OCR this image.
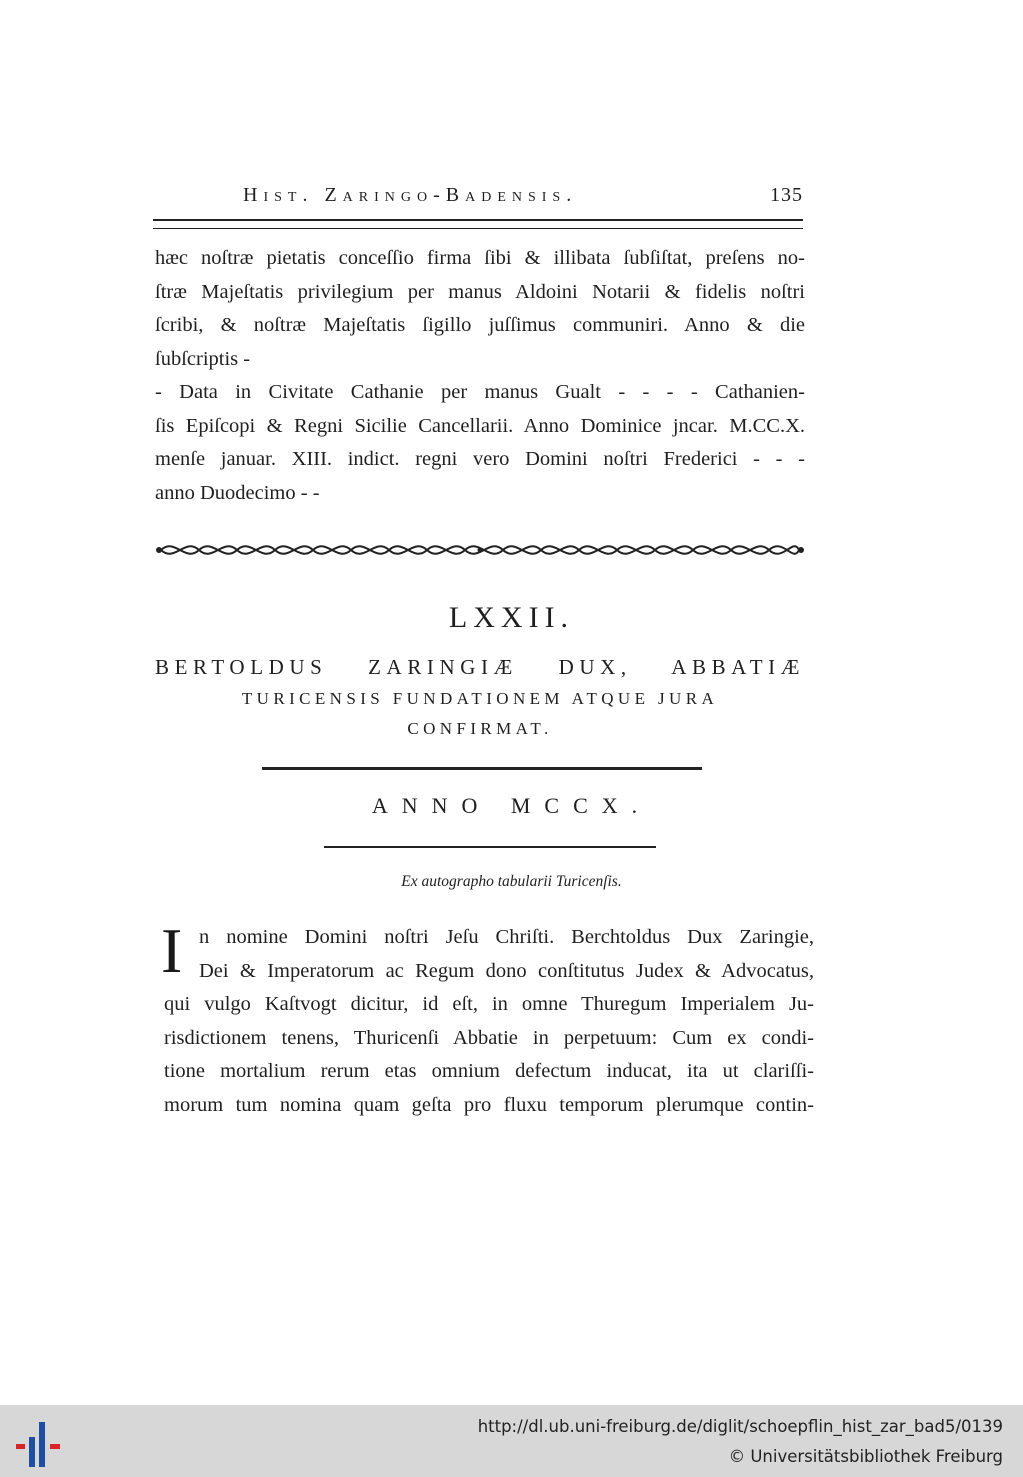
Hist. Zaringo-Badensis.	135
hæc noſtræ pietatis conceſſio firma ſibi & illibata ſubſiſtat, preſens no-
ſtræ Majeſtatis privilegium per manus Aldoini Notarii & fidelis noſtri
ſcribi, & noſtræ Majeſtatis ſigillo juſſimus communiri. Anno & die
ſubſcriptis -
- Data in Civitate Cathanie per manus Gualt - - - - Cathanien-
ſis Epiſcopi & Regni Sicilie Cancellarii. Anno Dominice jncar. M.CC.X.
menſe januar. XIII. indict. regni vero Domini noſtri Frederici - - -
anno Duodecimo - -
LXXII.
BERTOLDUS ZARINGIÆ DUX, ABBATIÆ
TURICENSIS FUNDATIONEM ATQUE JURA
CONFIRMAT.
ANNO MCCX.
Ex autographo tabularii Turicenſis.
I n nomine Domini noſtri Jeſu Chriſti. Berchtoldus Dux Zaringie,
Dei & Imperatorum ac Regum dono conſtitutus Judex & Advocatus,
qui vulgo Kaſtvogt dicitur, id eſt, in omne Thuregum Imperialem Ju-
risdictionem tenens, Thuricenſi Abbatie in perpetuum: Cum ex condi-
tione mortalium rerum etas omnium defectum inducat, ita ut clariſſi-
morum tum nomina quam geſta pro fluxu temporum plerumque contin-
http://dl.ub.uni-freiburg.de/diglit/schoepflin_hist_zar_bad5/0139
© Universitätsbibliothek Freiburg
